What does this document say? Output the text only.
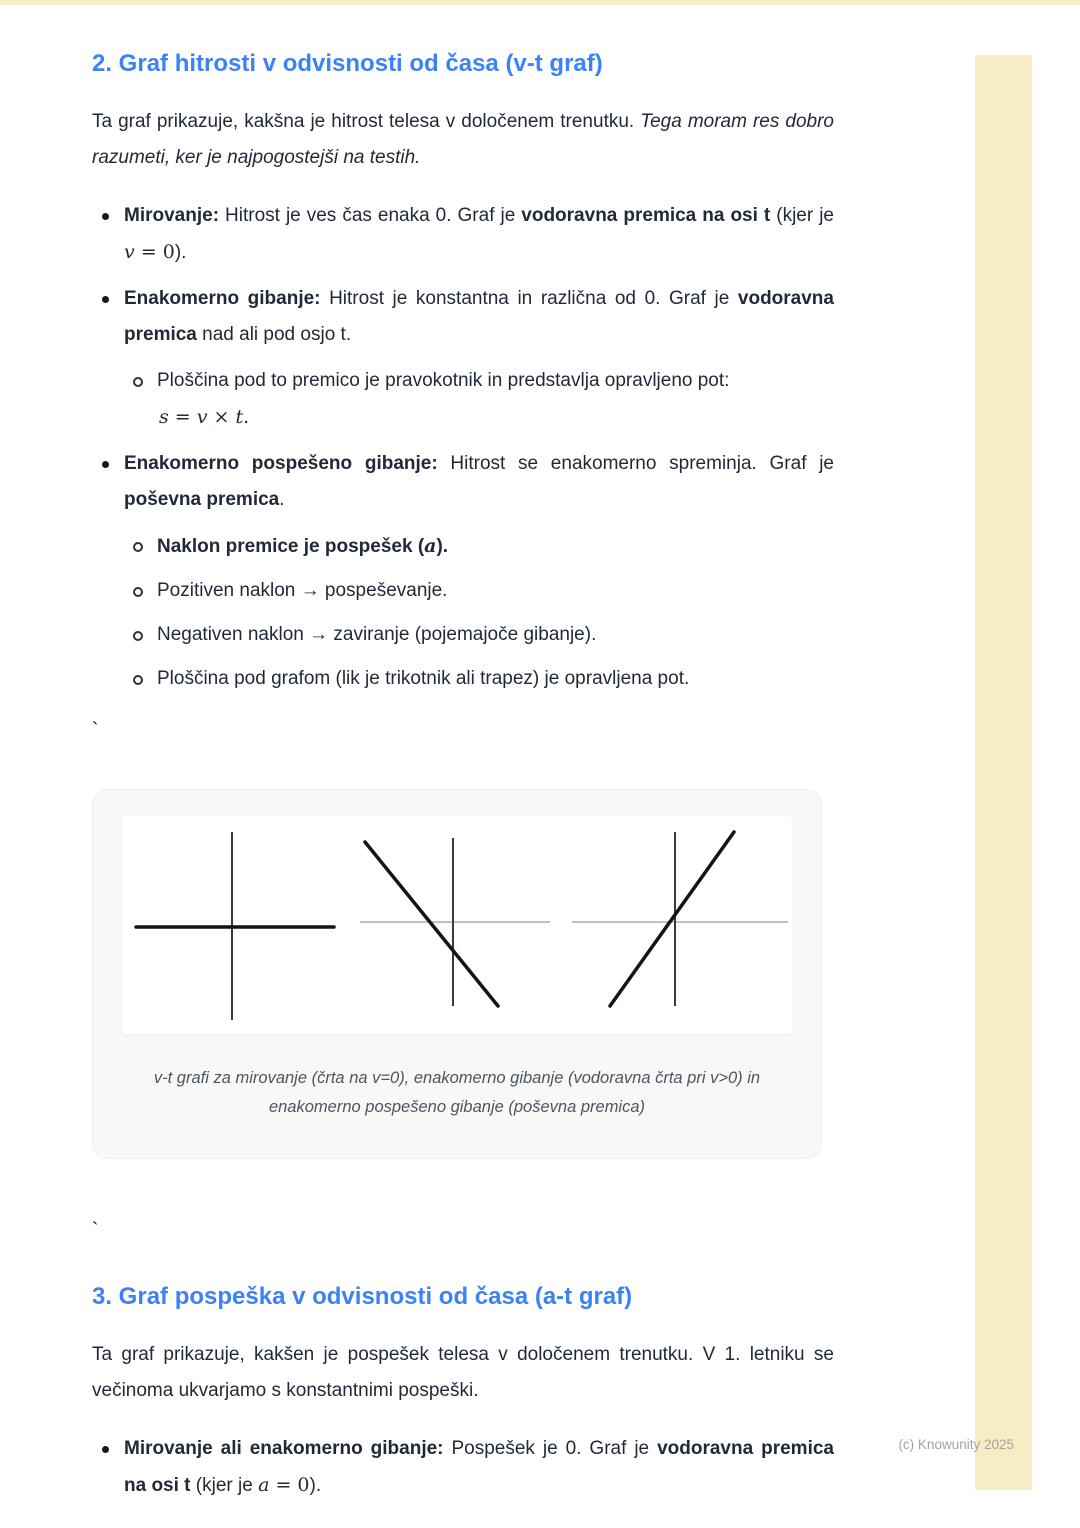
2. Graf hitrosti v odvisnosti od časa (v-t graf)

Ta graf prikazuje, kakšna je hitrost telesa v določenem trenutku. Tega moram res dobro razumeti, ker je najpogostejši na testih.

Mirovanje: Hitrost je ves čas enaka 0. Graf je vodoravna premica na osi t (kjer je v = 0).
Enakomerno gibanje: Hitrost je konstantna in različna od 0. Graf je vodoravna premica nad ali pod osjo t.
Ploščina pod to premico je pravokotnik in predstavlja opravljeno pot:
s = v × t.
Enakomerno pospešeno gibanje: Hitrost se enakomerno spreminja. Graf je poševna premica.
Naklon premice je pospešek (a).
Pozitiven naklon → pospeševanje.
Negativen naklon → zaviranje (pojemajoče gibanje).
Ploščina pod grafom (lik je trikotnik ali trapez) je opravljena pot.
`
v-t grafi za mirovanje (črta na v=0), enakomerno gibanje (vodoravna črta pri v>0) in enakomerno pospešeno gibanje (poševna premica)
`
3. Graf pospeška v odvisnosti od časa (a-t graf)

Ta graf prikazuje, kakšen je pospešek telesa v določenem trenutku. V 1. letniku se večinoma ukvarjamo s konstantnimi pospeški.

Mirovanje ali enakomerno gibanje: Pospešek je 0. Graf je vodoravna premica na osi t (kjer je a = 0).
(c) Knowunity 2025
